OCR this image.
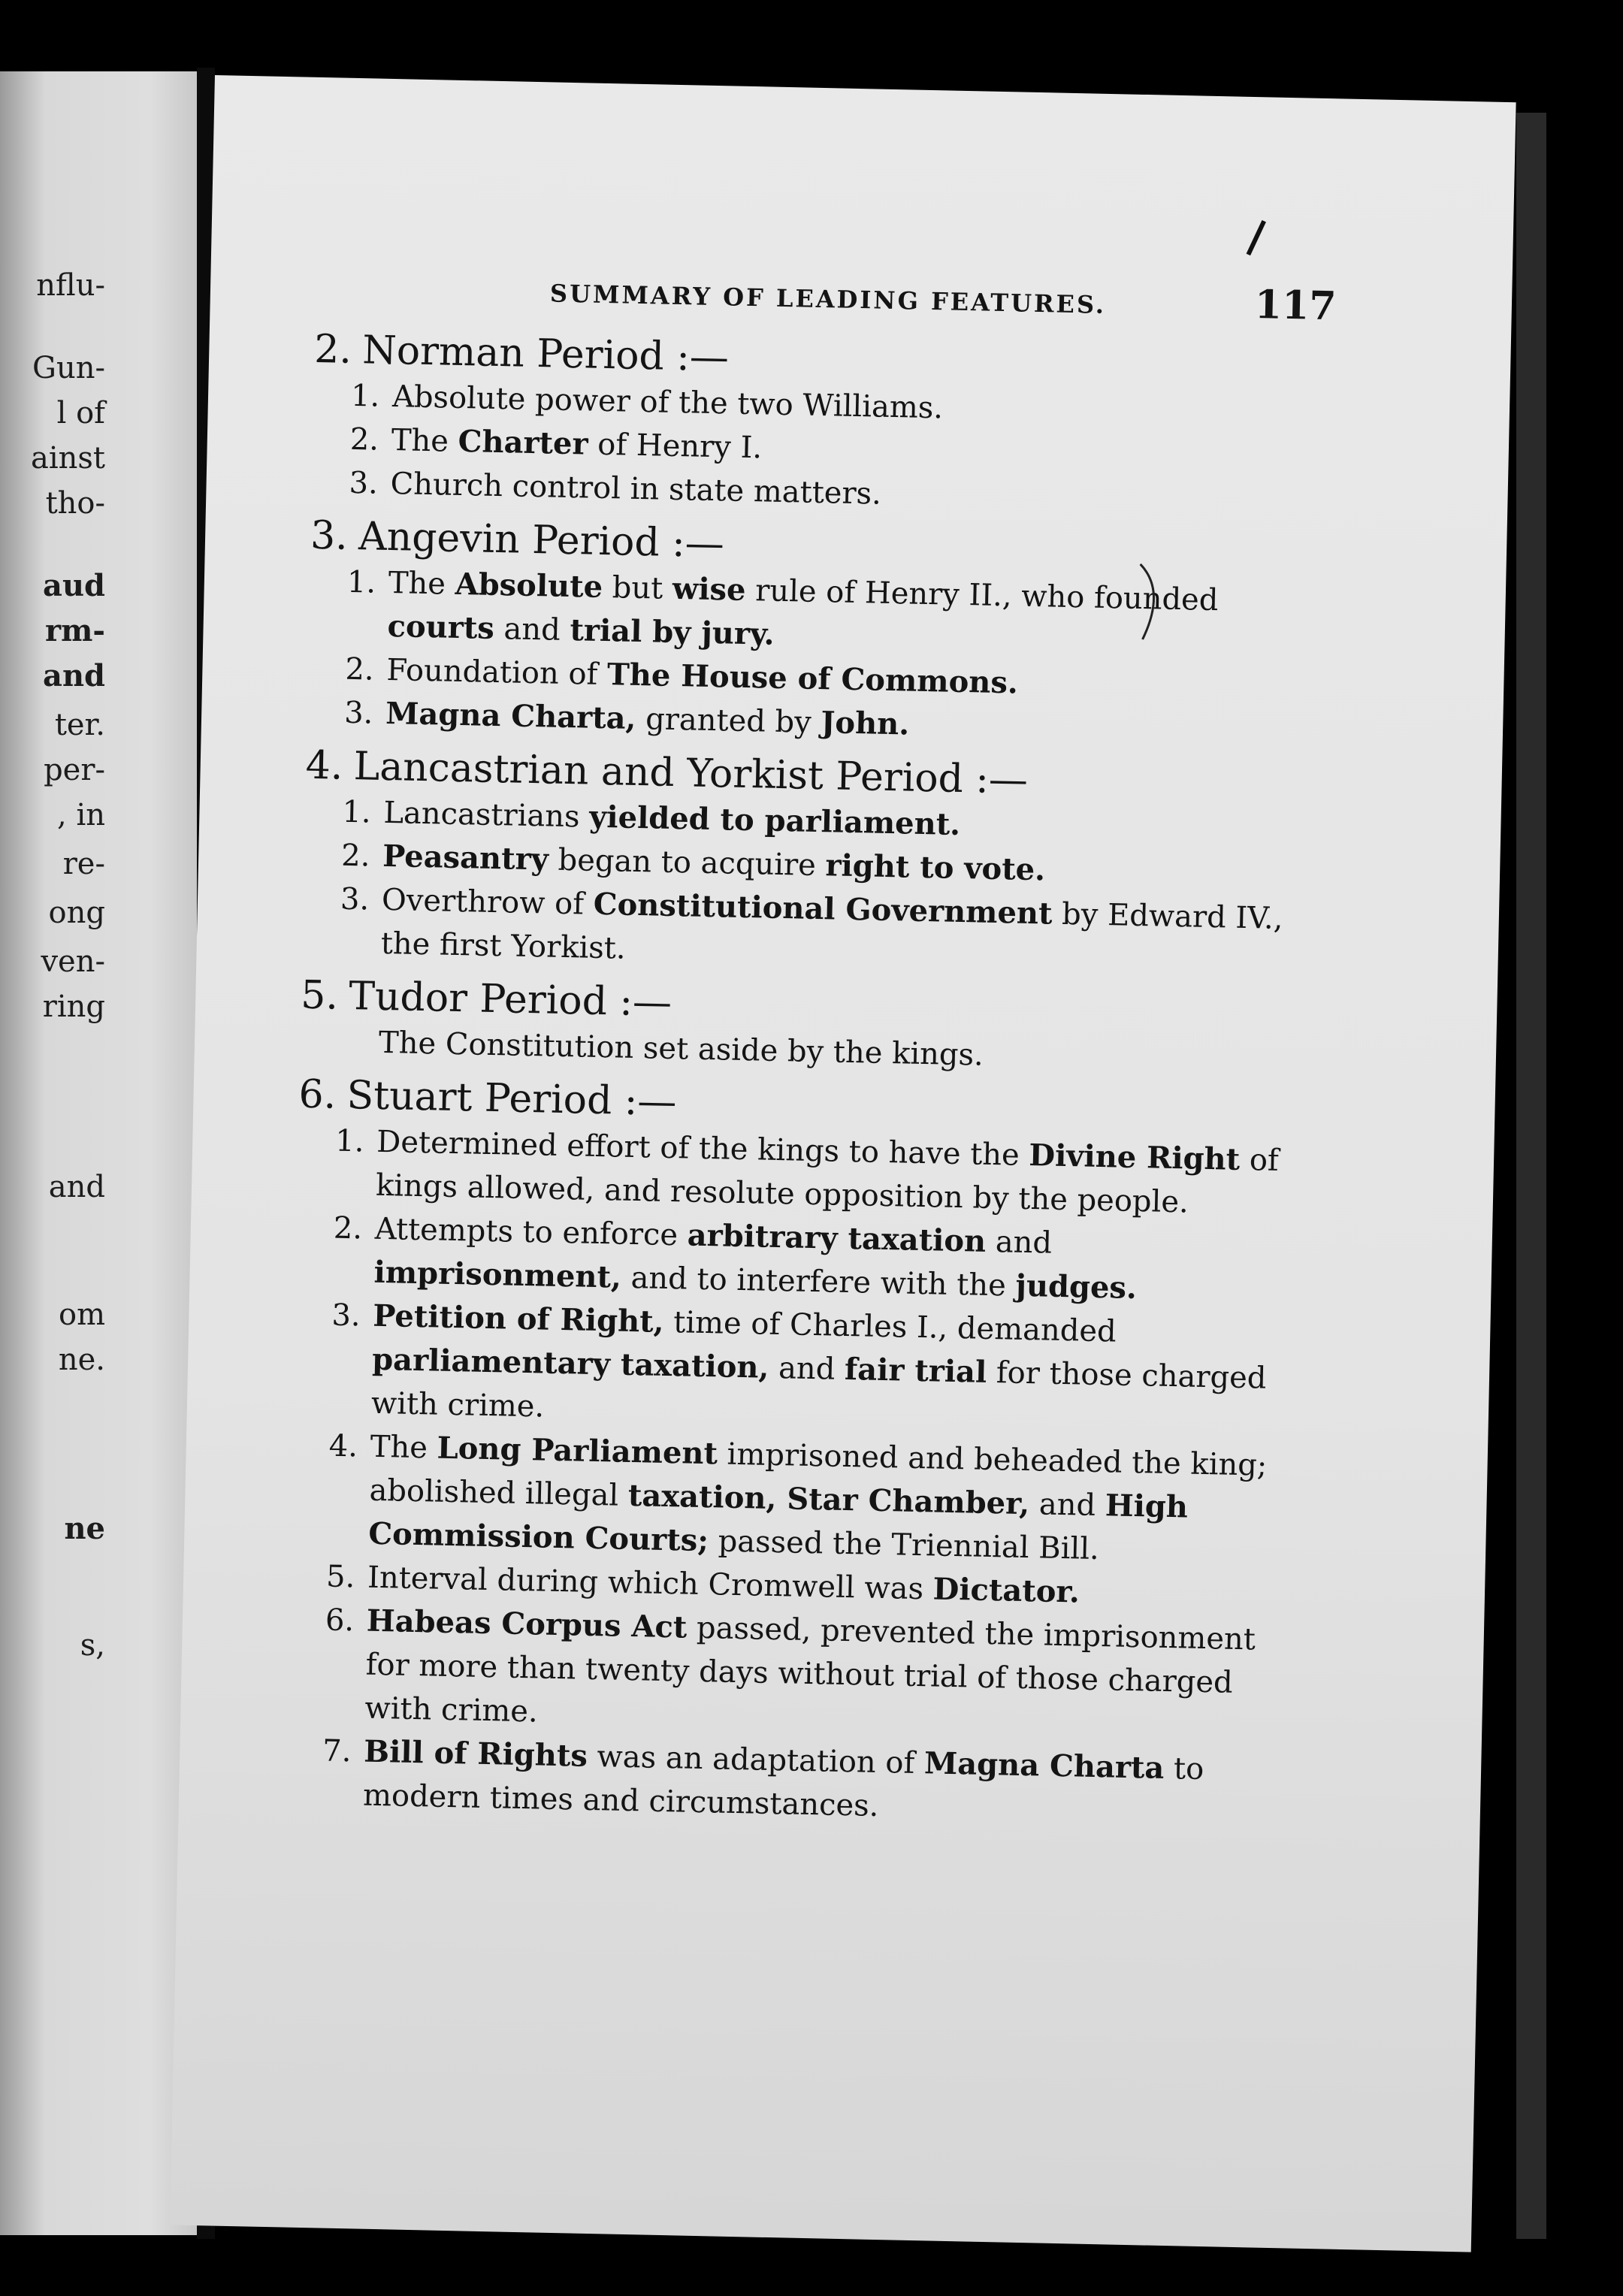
nflu-
Gun-
l of
ainst
tho-
aud
rm-
and
ter.
per-
, in
re-
ong
ven-
ring
and
om
ne.
ne
s,
SUMMARY OF LEADING FEATURES.	117
2. Norman Period :—
1. Absolute power of the two Williams.
2. The Charter of Henry I.
3. Church control in state matters.
3. Angevin Period :—
1. The Absolute but wise rule of Henry II., who founded courts and trial by jury.
2. Foundation of The House of Commons.
3. Magna Charta, granted by John.
4. Lancastrian and Yorkist Period :—
1. Lancastrians yielded to parliament.
2. Peasantry began to acquire right to vote.
3. Overthrow of Constitutional Government by Edward IV., the first Yorkist.
5. Tudor Period :—
The Constitution set aside by the kings.
6. Stuart Period :—
1. Determined effort of the kings to have the Divine Right of kings allowed, and resolute opposition by the people.
2. Attempts to enforce arbitrary taxation and imprisonment, and to interfere with the judges.
3. Petition of Right, time of Charles I., demanded parliamentary taxation, and fair trial for those charged with crime.
4. The Long Parliament imprisoned and beheaded the king; abolished illegal taxation, Star Chamber, and High Commission Courts; passed the Triennial Bill.
5. Interval during which Cromwell was Dictator.
6. Habeas Corpus Act passed, prevented the imprisonment for more than twenty days without trial of those charged with crime.
7. Bill of Rights was an adaptation of Magna Charta to modern times and circumstances.
